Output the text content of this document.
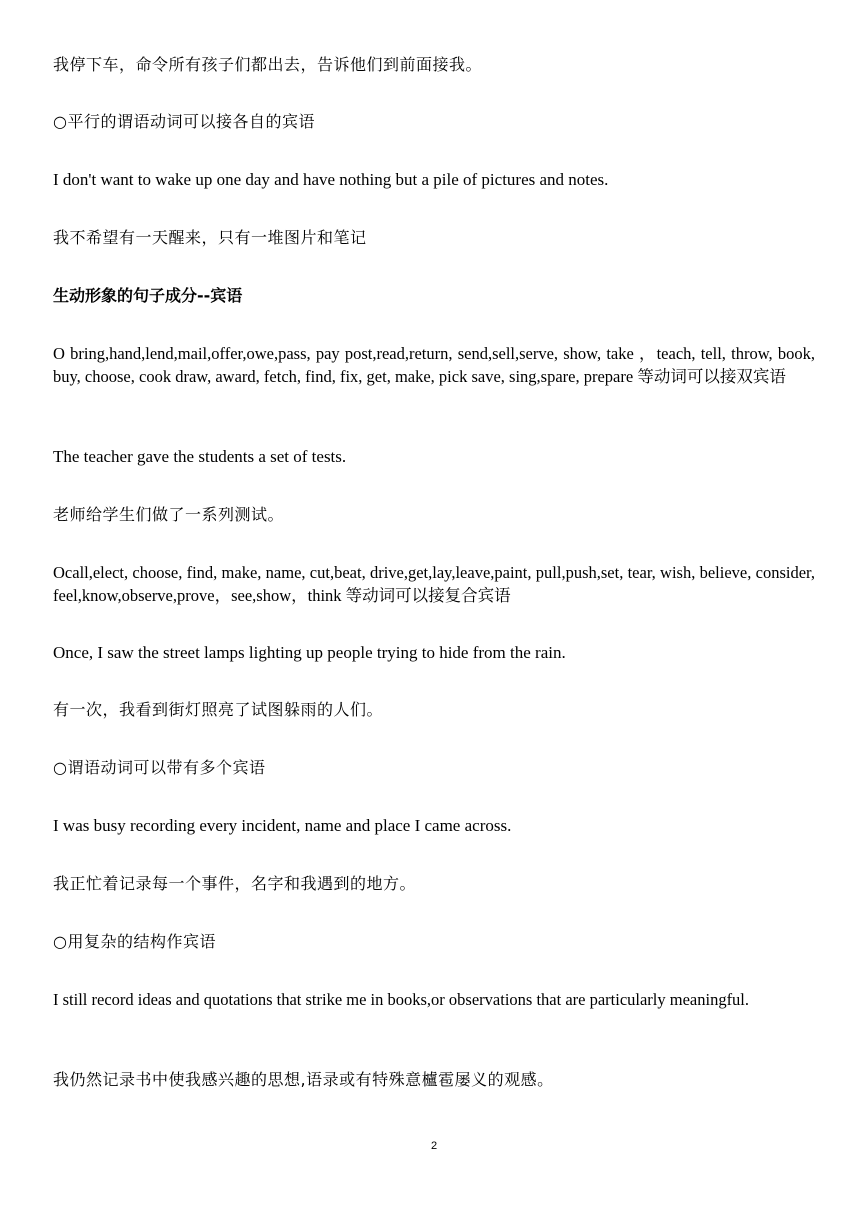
我停下车，命令所有孩子们都出去，告诉他们到前面接我。

○平行的谓语动词可以接各自的宾语

I don't want to wake up one day and have nothing but a pile of pictures and notes.

我不希望有一天醒来，只有一堆图片和笔记

生动形象的句子成分--宾语

O bring,hand,lend,mail,offer,owe,pass, pay post,read,return, send,sell,serve, show, take ，teach, tell, throw, book, buy, choose, cook draw, award, fetch, find, fix, get, make, pick save, sing,spare, prepare 等动词可以接双宾语

The teacher gave the students a set of tests.

老师给学生们做了一系列测试。

Ocall,elect, choose, find, make, name, cut,beat, drive,get,lay,leave,paint, pull,push,set, tear, wish, believe, consider, feel,know,observe,prove，see,show，think 等动词可以接复合宾语

Once, I saw the street lamps lighting up people trying to hide from the rain.

有一次，我看到街灯照亮了试图躲雨的人们。

○谓语动词可以带有多个宾语

I was busy recording every incident, name and place I came across.

我正忙着记录每一个事件，名字和我遇到的地方。

○用复杂的结构作宾语

I still record ideas and quotations that strike me in books,or observations that are particularly meaningful.

我仍然记录书中使我感兴趣的思想,语录或有特殊意櫨雹屡义的观感。

2
